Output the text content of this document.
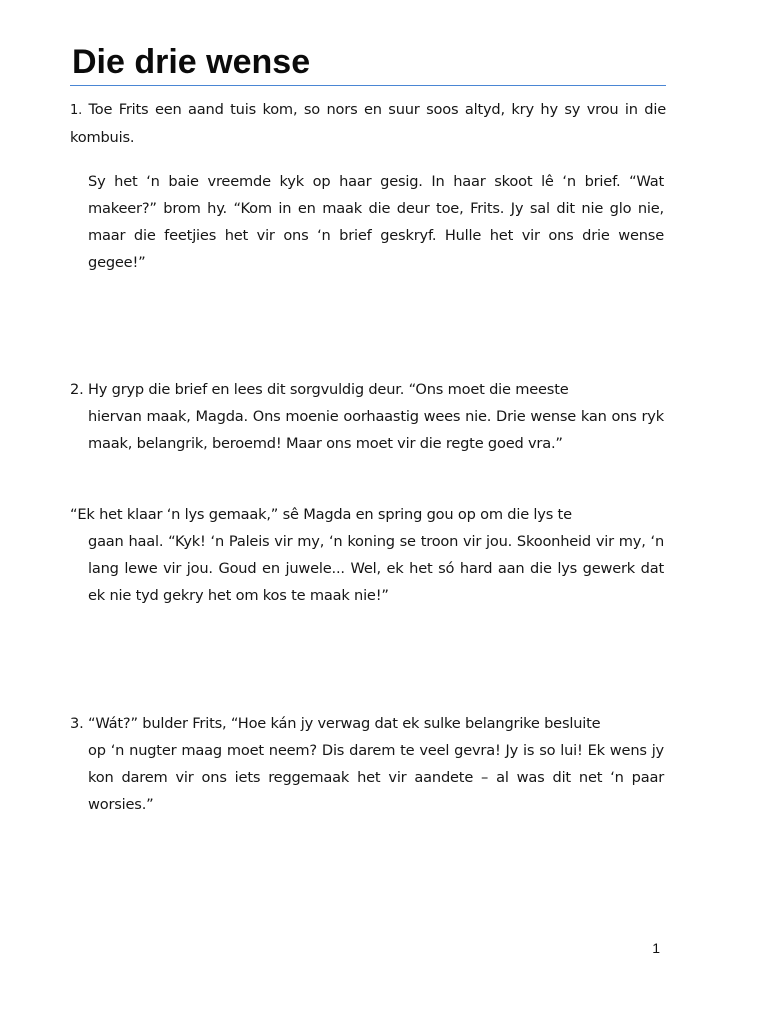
Die drie wense

1. Toe Frits een aand tuis kom, so nors en suur soos altyd, kry hy sy vrou in die kombuis.

Sy het ‘n baie vreemde kyk op haar gesig. In haar skoot lê ‘n brief. “Wat makeer?” brom hy. “Kom in en maak die deur toe, Frits. Jy sal dit nie glo nie, maar die feetjies het vir ons ‘n brief geskryf. Hulle het vir ons drie wense gegee!”

2. Hy gryp die brief en lees dit sorgvuldig deur. “Ons moet die meeste
hiervan maak, Magda. Ons moenie oorhaastig wees nie. Drie wense kan ons ryk maak, belangrik, beroemd! Maar ons moet vir die regte goed vra.”

“Ek het klaar ‘n lys gemaak,” sê Magda en spring gou op om die lys te
gaan haal. “Kyk! ‘n Paleis vir my, ‘n koning se troon vir jou. Skoonheid vir my, ‘n lang lewe vir jou. Goud en juwele... Wel, ek het só hard aan die lys gewerk dat ek nie tyd gekry het om kos te maak nie!”

3. “Wát?” bulder Frits, “Hoe kán jy verwag dat ek sulke belangrike besluite
op ‘n nugter maag moet neem? Dis darem te veel gevra! Jy is so lui! Ek wens jy kon darem vir ons iets reggemaak het vir aandete – al was dit net ‘n paar worsies.”

1
